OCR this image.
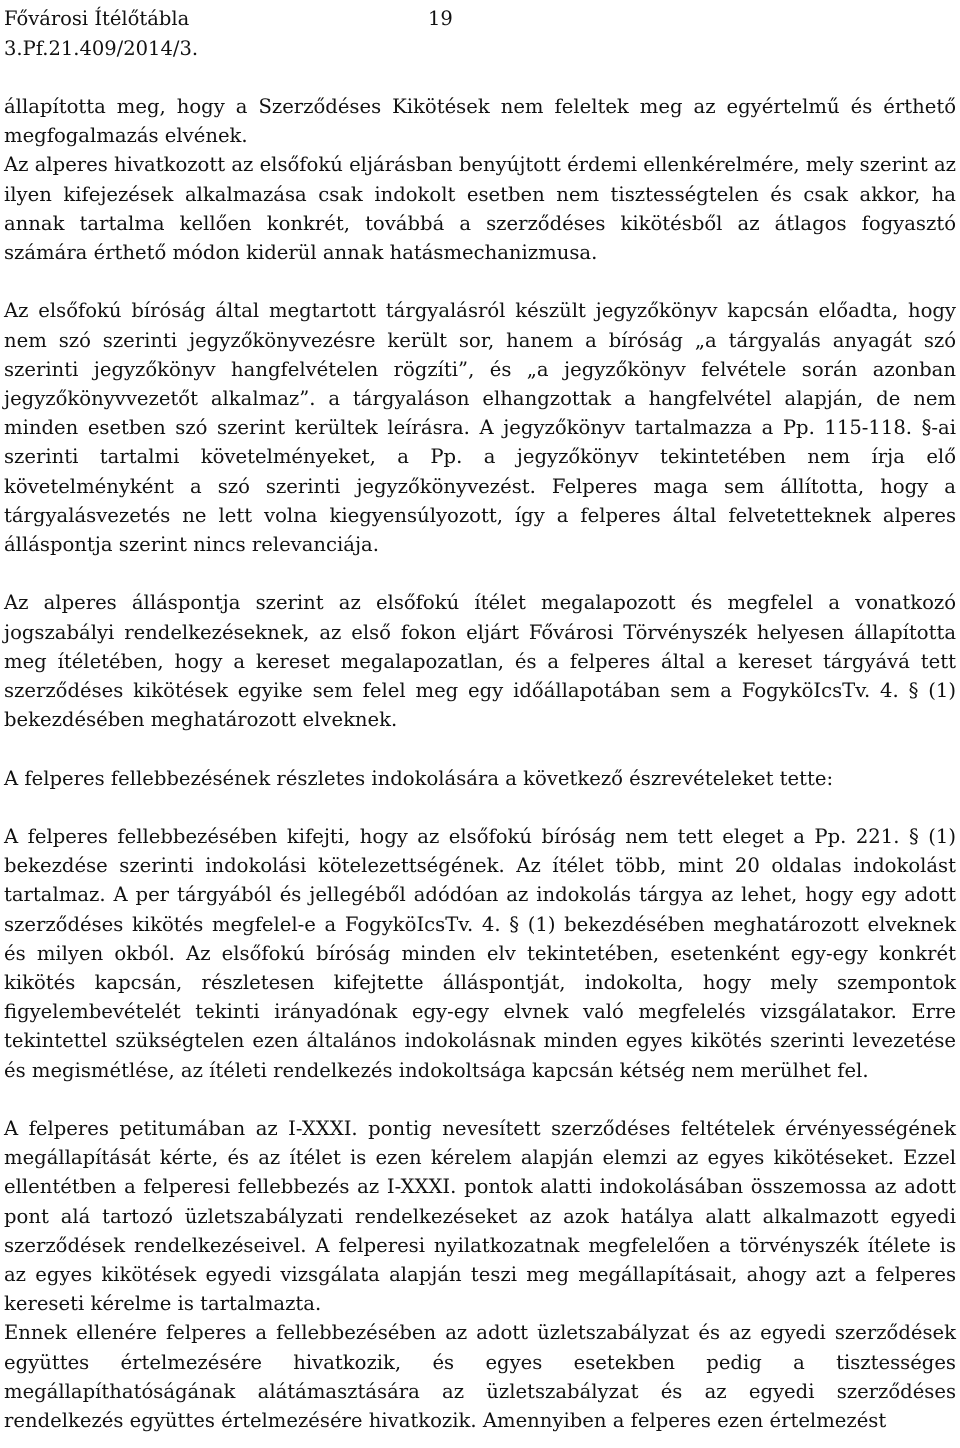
Fővárosi Ítélőtábla	19
3.Pf.21.409/2014/3.

állapította meg, hogy a Szerződéses Kikötések nem feleltek meg az egyértelmű és érthető megfogalmazás elvének.

Az alperes hivatkozott az elsőfokú eljárásban benyújtott érdemi ellenkérelmére, mely szerint az ilyen kifejezések alkalmazása csak indokolt esetben nem tisztességtelen és csak akkor, ha annak tartalma kellően konkrét, továbbá a szerződéses kikötésből az átlagos fogyasztó számára érthető módon kiderül annak hatásmechanizmusa.

Az elsőfokú bíróság által megtartott tárgyalásról készült jegyzőkönyv kapcsán előadta, hogy nem szó szerinti jegyzőkönyvezésre került sor, hanem a bíróság „a tárgyalás anyagát szó szerinti jegyzőkönyv hangfelvételen rögzíti”, és „a jegyzőkönyv felvétele során azonban jegyzőkönyvvezetőt alkalmaz”. a tárgyaláson elhangzottak a hangfelvétel alapján, de nem minden esetben szó szerint kerültek leírásra. A jegyzőkönyv tartalmazza a Pp. 115-118. §-ai szerinti tartalmi követelményeket, a Pp. a jegyzőkönyv tekintetében nem írja elő követelményként a szó szerinti jegyzőkönyvezést. Felperes maga sem állította, hogy a tárgyalásvezetés ne lett volna kiegyensúlyozott, így a felperes által felvetetteknek alperes álláspontja szerint nincs relevanciája.

Az alperes álláspontja szerint az elsőfokú ítélet megalapozott és megfelel a vonatkozó jogszabályi rendelkezéseknek, az első fokon eljárt Fővárosi Törvényszék helyesen állapította meg ítéletében, hogy a kereset megalapozatlan, és a felperes által a kereset tárgyává tett szerződéses kikötések egyike sem felel meg egy időállapotában sem a FogyköIcsTv. 4. § (1) bekezdésében meghatározott elveknek.

A felperes fellebbezésének részletes indokolására a következő észrevételeket tette:

A felperes fellebbezésében kifejti, hogy az elsőfokú bíróság nem tett eleget a Pp. 221. § (1) bekezdése szerinti indokolási kötelezettségének. Az ítélet több, mint 20 oldalas indokolást tartalmaz. A per tárgyából és jellegéből adódóan az indokolás tárgya az lehet, hogy egy adott szerződéses kikötés megfelel-e a FogyköIcsTv. 4. § (1) bekezdésében meghatározott elveknek és milyen okból. Az elsőfokú bíróság minden elv tekintetében, esetenként egy-egy konkrét kikötés kapcsán, részletesen kifejtette álláspontját, indokolta, hogy mely szempontok figyelembevételét tekinti irányadónak egy-egy elvnek való megfelelés vizsgálatakor. Erre tekintettel szükségtelen ezen általános indokolásnak minden egyes kikötés szerinti levezetése és megismétlése, az ítéleti rendelkezés indokoltsága kapcsán kétség nem merülhet fel.

A felperes petitumában az I-XXXI. pontig nevesített szerződéses feltételek érvényességének megállapítását kérte, és az ítélet is ezen kérelem alapján elemzi az egyes kikötéseket. Ezzel ellentétben a felperesi fellebbezés az I-XXXI. pontok alatti indokolásában összemossa az adott pont alá tartozó üzletszabályzati rendelkezéseket az azok hatálya alatt alkalmazott egyedi szerződések rendelkezéseivel. A felperesi nyilatkozatnak megfelelően a törvényszék ítélete is az egyes kikötések egyedi vizsgálata alapján teszi meg megállapításait, ahogy azt a felperes kereseti kérelme is tartalmazta.

Ennek ellenére felperes a fellebbezésében az adott üzletszabályzat és az egyedi szerződések együttes értelmezésére hivatkozik, és egyes esetekben pedig a tisztességes megállapíthatóságának alátámasztására az üzletszabályzat és az egyedi szerződéses rendelkezés együttes értelmezésére hivatkozik. Amennyiben a felperes ezen értelmezést
